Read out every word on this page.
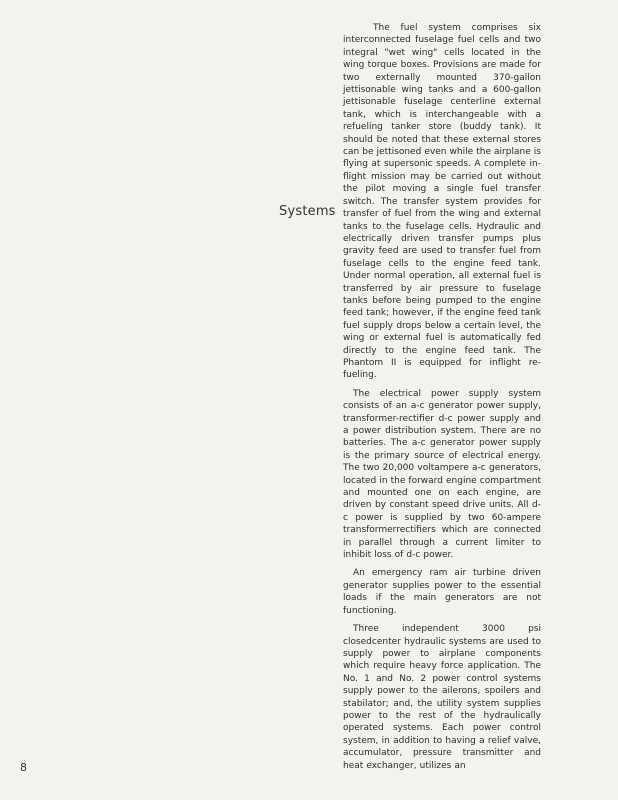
Systems

The fuel system comprises six interconnected fuselage fuel cells and two integral "wet wing" cells located in the wing torque boxes. Provisions are made for two externally mounted 370-gallon jettisonable wing tanks and a 600-gallon jettisonable fuselage centerline external tank, which is interchangeable with a refueling tanker store (buddy tank). It should be noted that these external stores can be jettisoned even while the airplane is flying at supersonic speeds. A complete in-flight mission may be carried out without the pilot moving a single fuel transfer switch. The transfer system provides for transfer of fuel from the wing and external tanks to the fuselage cells. Hydraulic and electrically driven transfer pumps plus gravity feed are used to transfer fuel from fuselage cells to the engine feed tank. Under normal operation, all external fuel is transferred by air pressure to fuselage tanks before being pumped to the engine feed tank; however, if the engine feed tank fuel supply drops below a certain level, the wing or external fuel is automatically fed directly to the engine feed tank. The Phantom II is equipped for inflight re-fueling.

The electrical power supply system consists of an a-c generator power supply, transformer-rectifier d-c power supply and a power distribution system. There are no batteries. The a-c generator power supply is the primary source of electrical energy. The two 20,000 voltampere a-c generators, located in the forward engine compartment and mounted one on each engine, are driven by constant speed drive units. All d-c power is supplied by two 60-ampere transformerrectifiers which are connected in parallel through a current limiter to inhibit loss of d-c power.

An emergency ram air turbine driven generator supplies power to the essential loads if the main generators are not functioning.

Three independent 3000 psi closedcenter hydraulic systems are used to supply power to airplane components which require heavy force application. The No. 1 and No. 2 power control systems supply power to the ailerons, spoilers and stabilator; and, the utility system supplies power to the rest of the hydraulically operated systems. Each power control system, in addition to having a relief valve, accumulator, pressure transmitter and heat exchanger, utilizes an

8
